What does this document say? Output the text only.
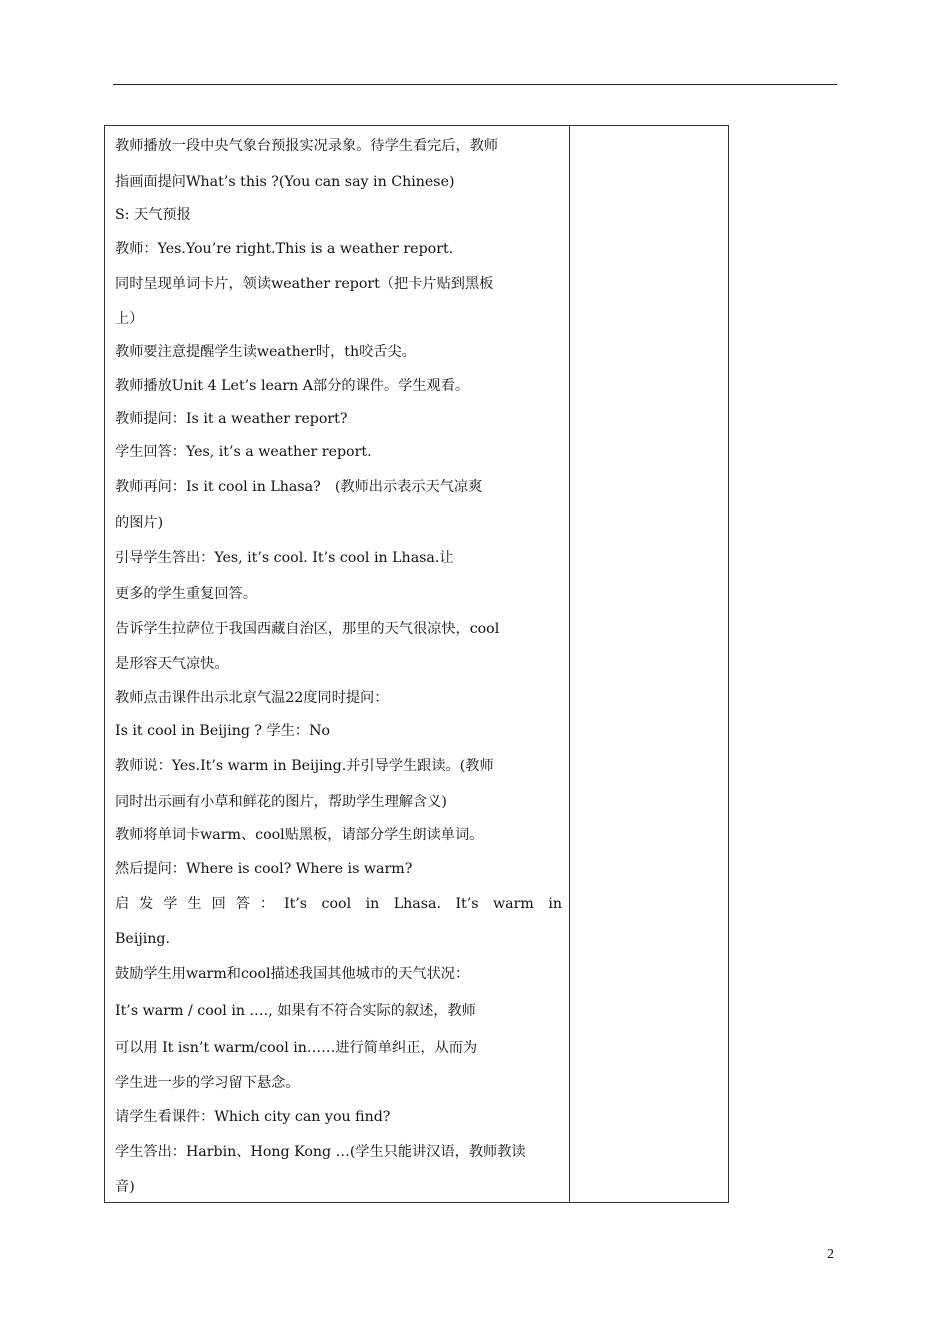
教师播放一段中央气象台预报实况录象。待学生看完后，教师
指画面提问What’s this ?(You can say in Chinese)
S: 天气预报
教师：Yes.You’re right.This is a weather report.
同时呈现单词卡片，领读weather report（把卡片贴到黑板
上）
教师要注意提醒学生读weather时，th咬舌尖。
教师播放Unit 4 Let’s learn A部分的课件。学生观看。
教师提问：Is it a weather report?
学生回答：Yes, it’s a weather report.
教师再问：Is it cool in Lhasa?　(教师出示表示天气凉爽
的图片)
引导学生答出：Yes, it’s cool. It’s cool in Lhasa.让
更多的学生重复回答。
告诉学生拉萨位于我国西藏自治区，那里的天气很凉快，cool
是形容天气凉快。
教师点击课件出示北京气温22度同时提问：
Is it cool in Beijing ? 学生：No
教师说：Yes.It’s warm in Beijing.并引导学生跟读。(教师
同时出示画有小草和鲜花的图片，帮助学生理解含义)
教师将单词卡warm、cool贴黑板，请部分学生朗读单词。
然后提问：Where is cool? Where is warm?
启发学生回答：It’s cool in Lhasa. It’s warm in
Beijing.
鼓励学生用warm和cool描述我国其他城市的天气状况：
It’s warm / cool in .…, 如果有不符合实际的叙述，教师
可以用 It isn’t warm/cool in……进行简单纠正，从而为
学生进一步的学习留下悬念。
请学生看课件：Which city can you find?
学生答出：Harbin、Hong Kong …(学生只能讲汉语，教师教读
音)
2
